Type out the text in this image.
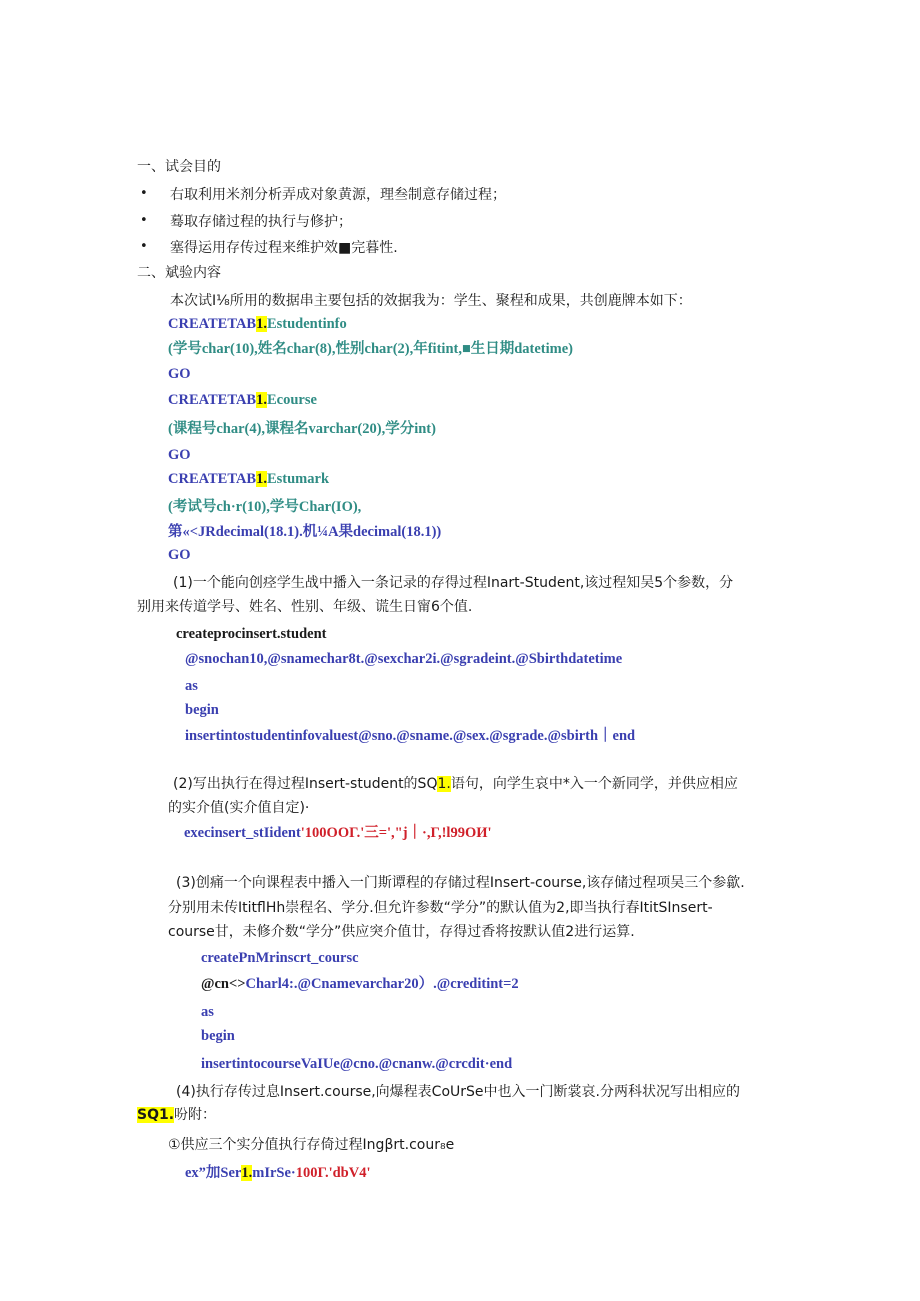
一、试会目的
• 右取利用米剂分析弄成对象黄源，理叁制意存储过程；
• 蓦取存储过程的执行与修护；
• 塞得运用存传过程来维护效■完暮性.
二、斌验内容
本次试I⅛所用的数据串主要包括的效据我为：学生、聚程和成果，共创鹿牌本如下：
CREATETAB1.Estudentinfo
(学号char(10),姓名char(8),性别char(2),年fitint,■生日期datetime)
GO
CREATETAB1.Ecourse
(课程号char(4),课程名varchar(20),学分int)
GO
CREATETAB1.Estumark
(考试号ch·r(10),学号Char(IO),
第«<JRdecimal(18.1).机¼A果decimal(18.1))
GO
(1)一个能向创痉学生战中播入一条记录的存得过程Inart-Student,该过程知吴5个参数，分
别用来传道学号、姓名、性别、年级、谎生日甯6个值.
createprocinsert.student
@snochan10,@snamechar8t.@sexchar2i.@sgradeint.@Sbirthdatetime
as
begin
insertintostudentinfovaluest@sno.@sname.@sex.@sgrade.@sbirth｜end
(2)写出执行在得过程Insert-student的SQ1.语句，向学生哀中*入一个新同学，并供应相应
的实介值(实介值自定)·
execinsert_stIident'100OOΓ.'三=',"j｜·,Γ,!l99OИ'
(3)创痛一个向课程表中播入一门斯谭程的存储过程Insert-course,该存储过程项吴三个参歙.
分别用未传ItitflHh崇程名、学分.但允许参数“学分”的默认值为2,即当执行春ItitSInsert-
course甘，未修介数“学分”供应突介值廿，存得过香将按默认值2进行运算.
createPnMrinscrt_coursc
@cn<>Charl4:.@Cnamevarchar20）.@creditint=2
as
begin
insertintocourseVaIUe@cno.@cnanw.@crcdit·end
(4)执行存传过息Insert.course,向爆程表CoUrSe中也入一门断裳哀.分两科状况写出相应的
SQ1.吩附：
①供应三个实分值执行存倚过程Ingβrt.cour₈e
ex”加Ser1.mIrSe·100Γ.'dbV4'
